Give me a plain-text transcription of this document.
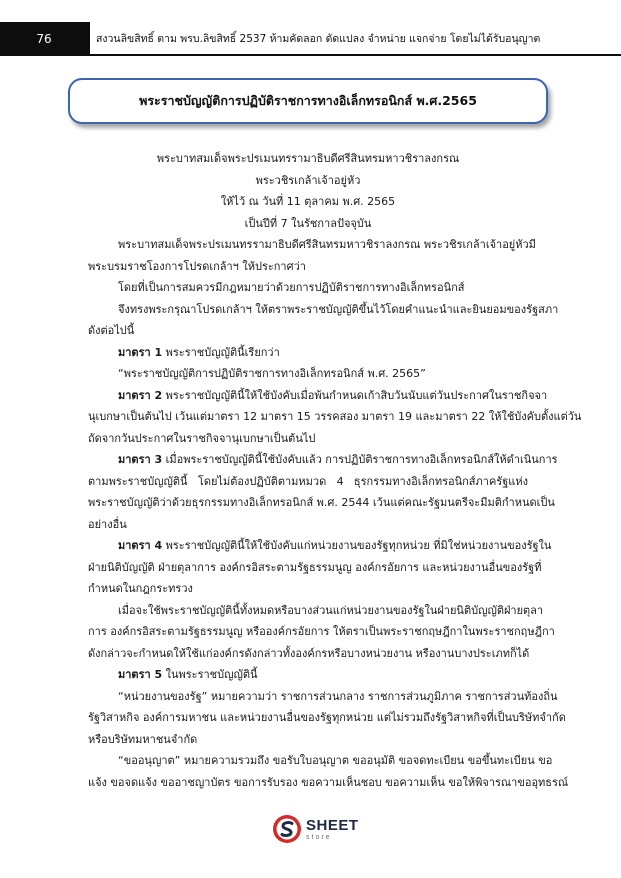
76	สงวนลิขสิทธิ์ ตาม พรบ.ลิขสิทธิ์ 2537 ห้ามคัดลอก ดัดแปลง จำหน่าย แจกจ่าย โดยไม่ได้รับอนุญาต
พระราชบัญญัติการปฏิบัติราชการทางอิเล็กทรอนิกส์ พ.ศ.2565
พระบาทสมเด็จพระปรเมนทรรามาธิบดีศรีสินทรมหาวชิราลงกรณ
พระวชิรเกล้าเจ้าอยู่หัว
ให้ไว้ ณ วันที่ 11 ตุลาคม พ.ศ. 2565
เป็นปีที่ 7 ในรัชกาลปัจจุบัน
พระบาทสมเด็จพระปรเมนทรรามาธิบดีศรีสินทรมหาวชิราลงกรณ พระวชิรเกล้าเจ้าอยู่หัวมี
พระบรมราชโองการโปรดเกล้าฯ ให้ประกาศว่า
โดยที่เป็นการสมควรมีกฎหมายว่าด้วยการปฏิบัติราชการทางอิเล็กทรอนิกส์
จึงทรงพระกรุณาโปรดเกล้าฯ ให้ตราพระราชบัญญัติขึ้นไว้โดยคำแนะนำและยินยอมของรัฐสภา
ดังต่อไปนี้
มาตรา 1 พระราชบัญญัตินี้เรียกว่า
“พระราชบัญญัติการปฏิบัติราชการทางอิเล็กทรอนิกส์ พ.ศ. 2565”
มาตรา 2 พระราชบัญญัตินี้ให้ใช้บังคับเมื่อพ้นกำหนดเก้าสิบวันนับแต่วันประกาศในราชกิจจา
นุเบกษาเป็นต้นไป เว้นแต่มาตรา 12 มาตรา 15 วรรคสอง มาตรา 19 และมาตรา 22 ให้ใช้บังคับตั้งแต่วัน
ถัดจากวันประกาศในราชกิจจานุเบกษาเป็นต้นไป
มาตรา 3 เมื่อพระราชบัญญัตินี้ใช้บังคับแล้ว การปฏิบัติราชการทางอิเล็กทรอนิกส์ให้ดำเนินการ
ตามพระราชบัญญัตินี้ โดยไม่ต้องปฏิบัติตามหมวด 4 ธุรกรรมทางอิเล็กทรอนิกส์ภาครัฐแห่ง
พระราชบัญญัติว่าด้วยธุรกรรมทางอิเล็กทรอนิกส์ พ.ศ. 2544 เว้นแต่คณะรัฐมนตรีจะมีมติกำหนดเป็น
อย่างอื่น
มาตรา 4 พระราชบัญญัตินี้ให้ใช้บังคับแก่หน่วยงานของรัฐทุกหน่วย ที่มิใช่หน่วยงานของรัฐใน
ฝ่ายนิติบัญญัติ ฝ่ายตุลาการ องค์กรอิสระตามรัฐธรรมนูญ องค์กรอัยการ และหน่วยงานอื่นของรัฐที่
กำหนดในกฎกระทรวง
เมื่อจะใช้พระราชบัญญัตินี้ทั้งหมดหรือบางส่วนแก่หน่วยงานของรัฐในฝ่ายนิติบัญญัติฝ่ายตุลา
การ องค์กรอิสระตามรัฐธรรมนูญ หรือองค์กรอัยการ ให้ตราเป็นพระราชกฤษฎีกาในพระราชกฤษฎีกา
ดังกล่าวจะกำหนดให้ใช้แก่องค์กรดังกล่าวทั้งองค์กรหรือบางหน่วยงาน หรืองานบางประเภทก็ได้
มาตรา 5 ในพระราชบัญญัตินี้
“หน่วยงานของรัฐ” หมายความว่า ราชการส่วนกลาง ราชการส่วนภูมิภาค ราชการส่วนท้องถิ่น
รัฐวิสาหกิจ องค์การมหาชน และหน่วยงานอื่นของรัฐทุกหน่วย แต่ไม่รวมถึงรัฐวิสาหกิจที่เป็นบริษัทจำกัด
หรือบริษัทมหาชนจำกัด
“ขออนุญาต” หมายความรวมถึง ขอรับใบอนุญาต ขออนุมัติ ขอจดทะเบียน ขอขึ้นทะเบียน ขอ
แจ้ง ขอจดแจ้ง ขออาชญาบัตร ขอการรับรอง ขอความเห็นชอบ ขอความเห็น ขอให้พิจารณาขออุทธรณ์
SHEET
store
